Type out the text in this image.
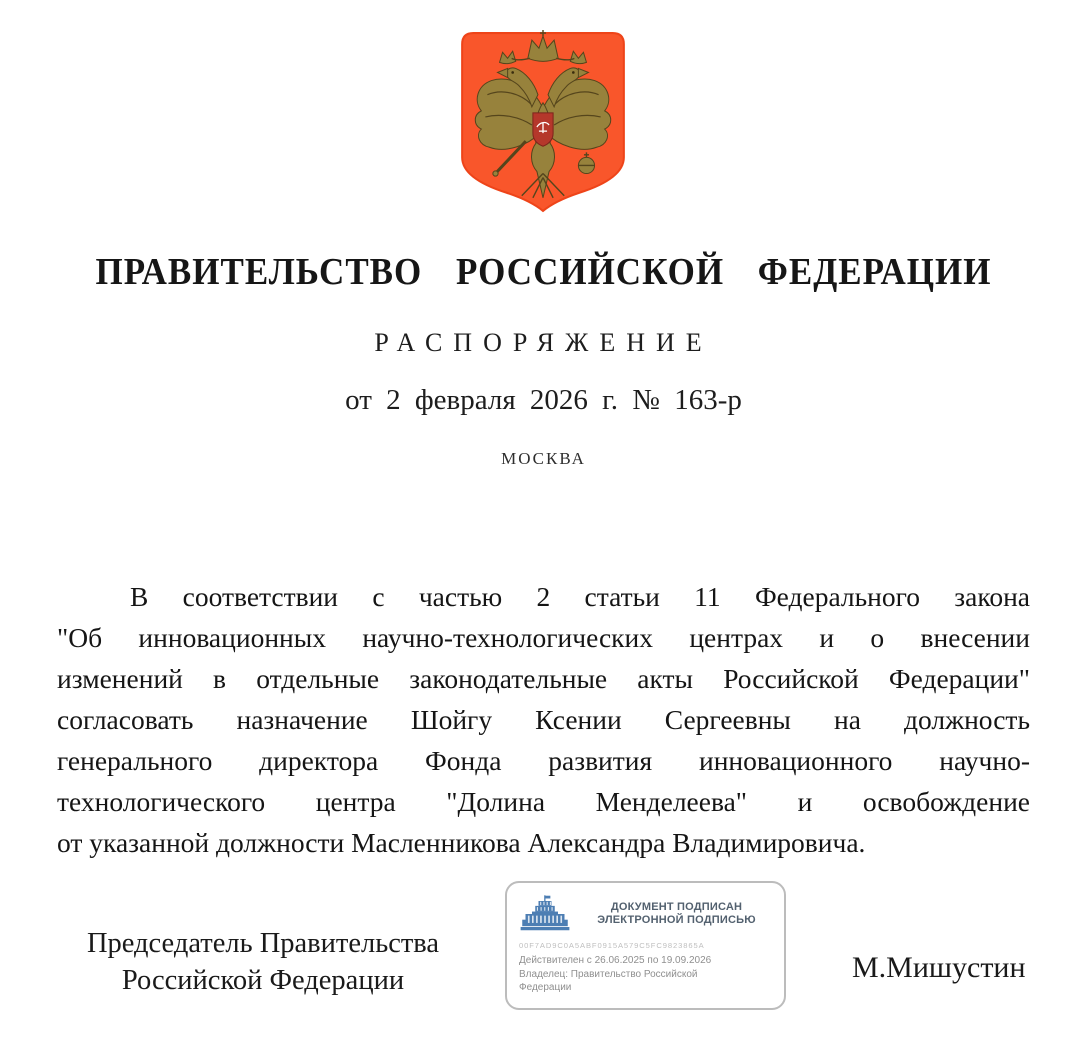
ПРАВИТЕЛЬСТВО РОССИЙСКОЙ ФЕДЕРАЦИИ
РАСПОРЯЖЕНИЕ
от 2 февраля 2026 г. № 163-р
МОСКВА
В соответствии с частью 2 статьи 11 Федерального закона
"Об инновационных научно-технологических центрах и о внесении
изменений в отдельные законодательные акты Российской Федерации"
согласовать назначение Шойгу Ксении Сергеевны на должность
генерального директора Фонда развития инновационного научно-
технологического центра "Долина Менделеева" и освобождение
от указанной должности Масленникова Александра Владимировича.
Председатель Правительства
Российской Федерации
ДОКУМЕНТ ПОДПИСАН
ЭЛЕКТРОННОЙ ПОДПИСЬЮ
00F7AD9C0A5ABF0915A579C5FC9823865A
Действителен с 26.06.2025 по 19.09.2026
Владелец: Правительство Российской
Федерации
М.Мишустин
